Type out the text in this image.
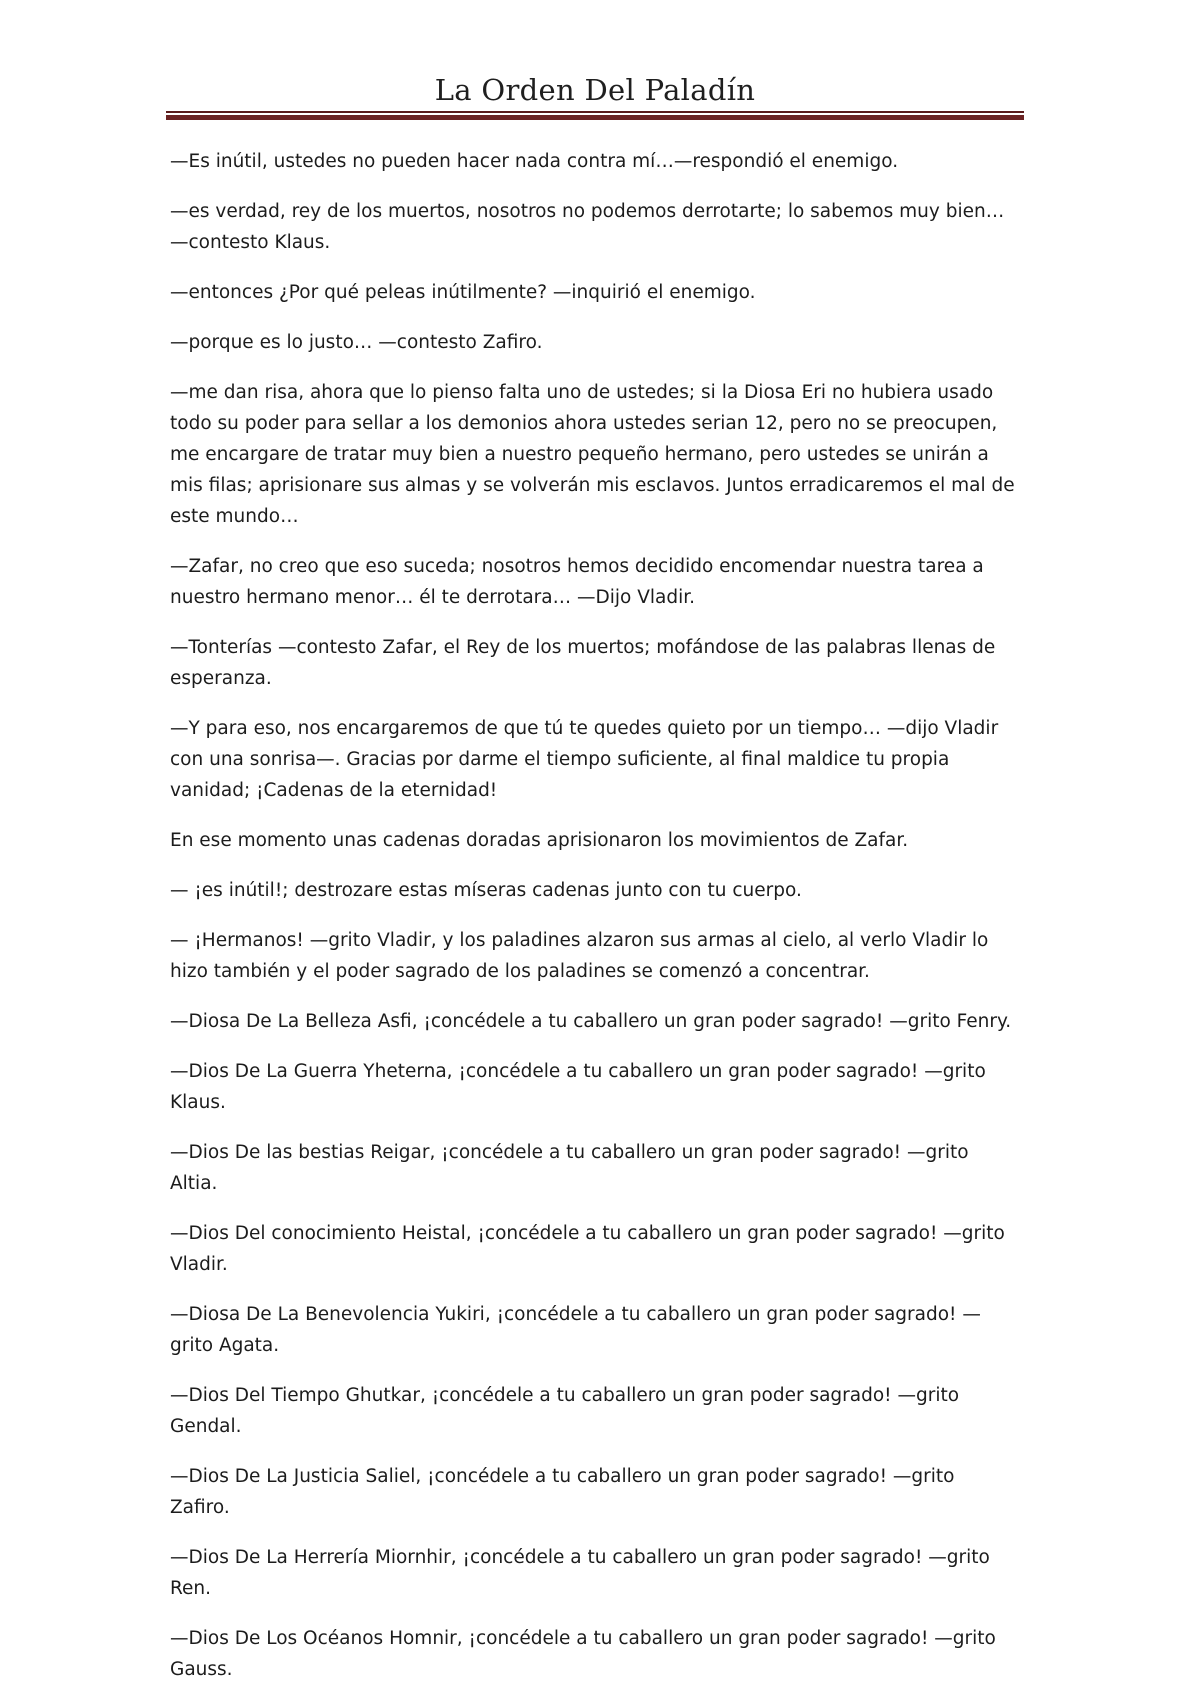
La Orden Del Paladín

—Es inútil, ustedes no pueden hacer nada contra mí…—respondió el enemigo.

—es verdad, rey de los muertos, nosotros no podemos derrotarte; lo sabemos muy bien… —contesto Klaus.

—entonces ¿Por qué peleas inútilmente? —inquirió el enemigo.

—porque es lo justo… —contesto Zafiro.

—me dan risa, ahora que lo pienso falta uno de ustedes; si la Diosa Eri no hubiera usado todo su poder para sellar a los demonios ahora ustedes serian 12, pero no se preocupen, me encargare de tratar muy bien a nuestro pequeño hermano, pero ustedes se unirán a mis filas; aprisionare sus almas y se volverán mis esclavos. Juntos erradicaremos el mal de este mundo…

—Zafar, no creo que eso suceda; nosotros hemos decidido encomendar nuestra tarea a nuestro hermano menor… él te derrotara… —Dijo Vladir.

—Tonterías —contesto Zafar, el Rey de los muertos; mofándose de las palabras llenas de esperanza.

—Y para eso, nos encargaremos de que tú te quedes quieto por un tiempo… —dijo Vladir con una sonrisa—. Gracias por darme el tiempo suficiente, al final maldice tu propia vanidad; ¡Cadenas de la eternidad!

En ese momento unas cadenas doradas aprisionaron los movimientos de Zafar.

— ¡es inútil!; destrozare estas míseras cadenas junto con tu cuerpo.

— ¡Hermanos! —grito Vladir, y los paladines alzaron sus armas al cielo, al verlo Vladir lo hizo también y el poder sagrado de los paladines se comenzó a concentrar.

—Diosa De La Belleza Asfi, ¡concédele a tu caballero un gran poder sagrado! —grito Fenry.

—Dios De La Guerra Yheterna, ¡concédele a tu caballero un gran poder sagrado! —grito Klaus.

—Dios De las bestias Reigar, ¡concédele a tu caballero un gran poder sagrado! —grito Altia.

—Dios Del conocimiento Heistal, ¡concédele a tu caballero un gran poder sagrado! —grito Vladir.

—Diosa De La Benevolencia Yukiri, ¡concédele a tu caballero un gran poder sagrado! —grito Agata.

—Dios Del Tiempo Ghutkar, ¡concédele a tu caballero un gran poder sagrado! —grito Gendal.

—Dios De La Justicia Saliel, ¡concédele a tu caballero un gran poder sagrado! —grito Zafiro.

—Dios De La Herrería Miornhir, ¡concédele a tu caballero un gran poder sagrado! —grito Ren.

—Dios De Los Océanos Homnir, ¡concédele a tu caballero un gran poder sagrado! —grito Gauss.
